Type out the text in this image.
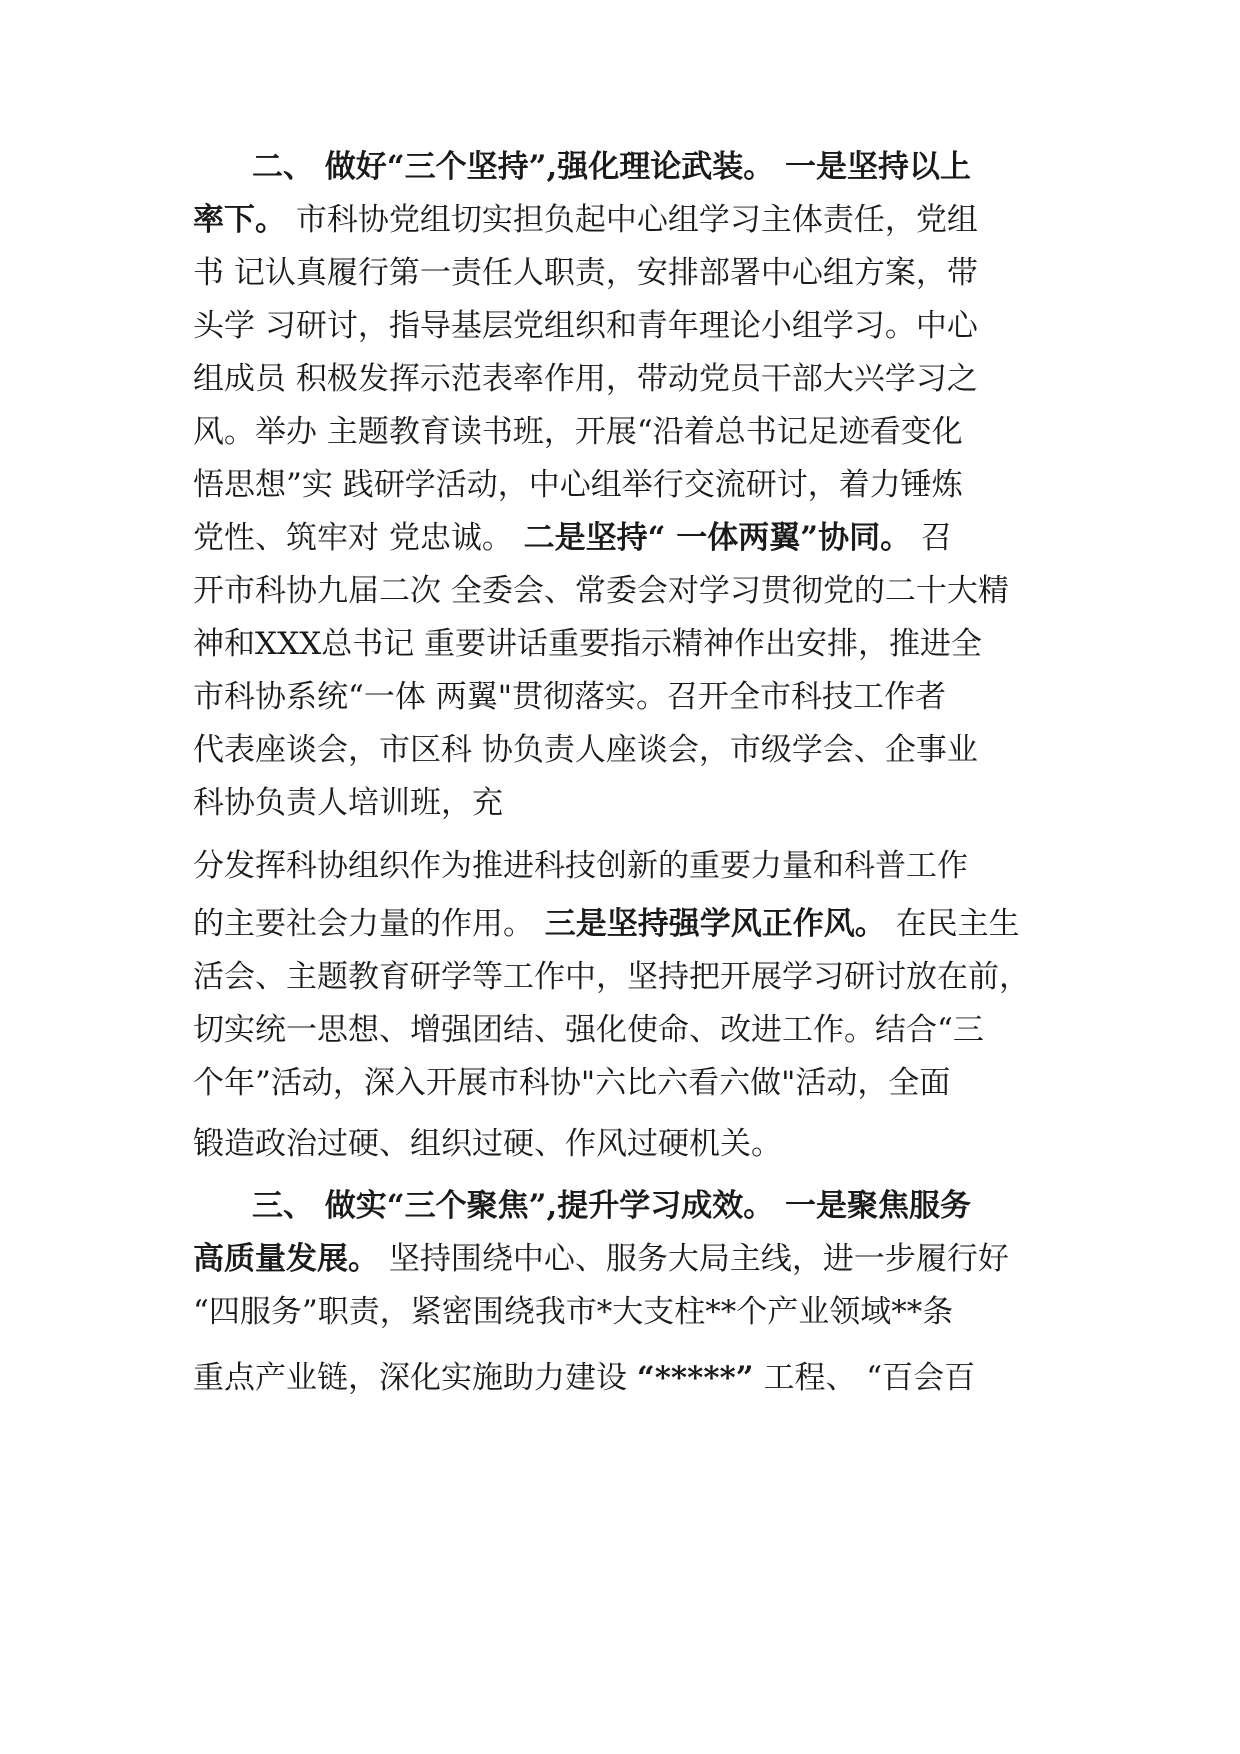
二、 做好“三个坚持”,强化理论武装。 一是坚持以上
率下。 市科协党组切实担负起中心组学习主体责任，党组
书 记认真履行第一责任人职责，安排部署中心组方案，带
头学 习研讨，指导基层党组织和青年理论小组学习。中心
组成员 积极发挥示范表率作用，带动党员干部大兴学习之
风。举办 主题教育读书班，开展“沿着总书记足迹看变化
悟思想”实 践研学活动，中心组举行交流研讨，着力锤炼
党性、筑牢对 党忠诚。 二是坚持“ 一体两翼”协同。 召
开市科协九届二次 全委会、常委会对学习贯彻党的二十大精
神和XXX总书记 重要讲话重要指示精神作出安排，推进全
市科协系统“一体 两翼"贯彻落实。召开全市科技工作者
代表座谈会，市区科 协负责人座谈会，市级学会、企事业
科协负责人培训班，充
分发挥科协组织作为推进科技创新的重要力量和科普工作
的主要社会力量的作用。 三是坚持强学风正作风。 在民主生
活会、主题教育研学等工作中，坚持把开展学习研讨放在前，
切实统一思想、增强团结、强化使命、改进工作。结合“三
个年”活动，深入开展市科协"六比六看六做"活动，全面
锻造政治过硬、组织过硬、作风过硬机关。
三、 做实“三个聚焦”,提升学习成效。 一是聚焦服务
高质量发展。 坚持围绕中心、服务大局主线，进一步履行好
“四服务”职责，紧密围绕我市*大支柱**个产业领域**条
重点产业链，深化实施助力建设 “*****” 工程、 “百会百
